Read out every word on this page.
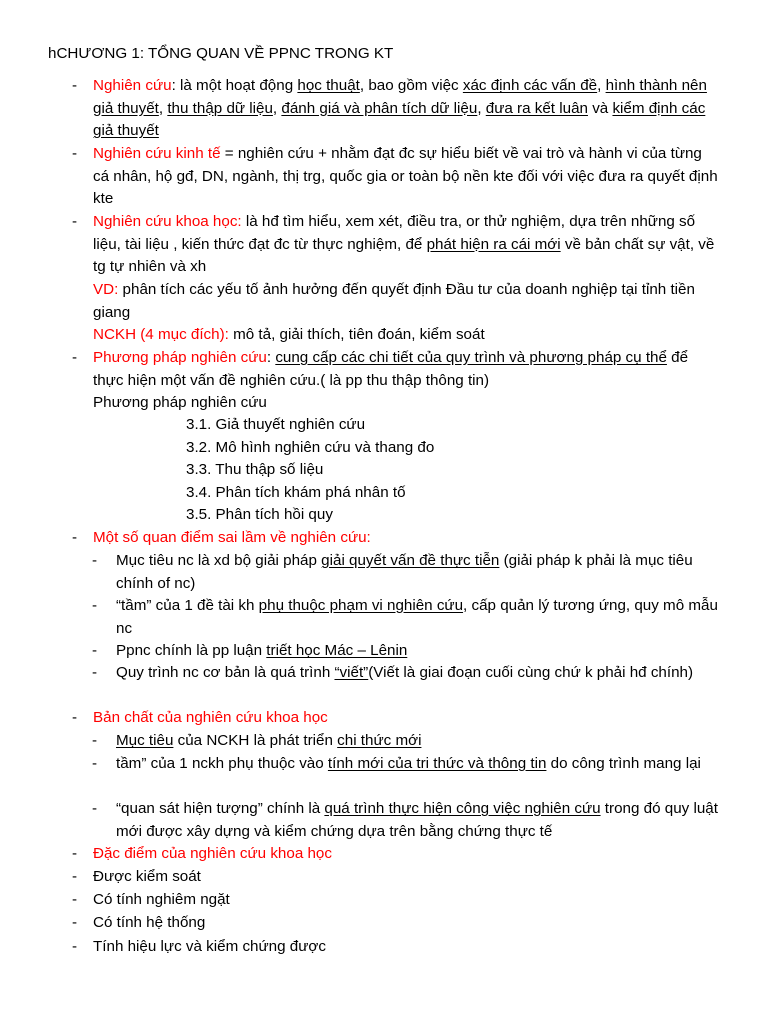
hCHƯƠNG 1: TỔNG QUAN VỀ PPNC TRONG KT
- Nghiên cứu: là một hoạt động học thuật, bao gồm việc xác định các vấn đề, hình thành nên giả thuyết, thu thập dữ liệu, đánh giá và phân tích dữ liệu, đưa ra kết luân và kiểm định các giả thuyết
- Nghiên cứu kinh tế = nghiên cứu + nhằm đạt đc sự hiểu biết về vai trò và hành vi của từng cá nhân, hộ gđ, DN, ngành, thị trg, quốc gia or toàn bộ nền kte đối với việc đưa ra quyết định kte
- Nghiên cứu khoa học: là hđ tìm hiểu, xem xét, điều tra, or thử nghiệm, dựa trên những số liệu, tài liệu , kiến thức đạt đc từ thực nghiệm, để phát hiện ra cái mới về bản chất sự vật, về tg tự nhiên và xh
VD: phân tích các yếu tố ảnh hưởng đến quyết định Đầu tư của doanh nghiệp tại tỉnh tiền giang
NCKH (4 mục đích): mô tả, giải thích, tiên đoán, kiểm soát
- Phương pháp nghiên cứu: cung cấp các chi tiết của quy trình và phương pháp cụ thể để thực hiện một vấn đề nghiên cứu.( là pp thu thập thông tin)
Phương pháp nghiên cứu
3.1. Giả thuyết nghiên cứu
3.2. Mô hình nghiên cứu và thang đo
3.3. Thu thập số liệu
3.4. Phân tích khám phá nhân tố
3.5. Phân tích hồi quy
- Một số quan điểm sai lầm về nghiên cứu:
- Mục tiêu nc là xd bộ giải pháp giải quyết vấn đề thực tiễn (giải pháp k phải là mục tiêu chính of nc)
- “tầm” của 1 đề tài kh phụ thuộc phạm vi nghiên cứu, cấp quản lý tương ứng, quy mô mẫu nc
- Ppnc chính là pp luận triết học Mác – Lênin
- Quy trình nc cơ bản là quá trình “viết”(Viết là giai đoạn cuối cùng chứ k phải hđ chính)
- Bản chất của nghiên cứu khoa học
- Mục tiêu của NCKH là phát triển chi thức mới
- tầm” của 1 nckh phụ thuộc vào tính mới của tri thức và thông tin do công trình mang lại
- “quan sát hiện tượng” chính là quá trình thực hiện công việc nghiên cứu trong đó quy luật mới được xây dựng và kiểm chứng dựa trên bằng chứng thực tế
- Đặc điểm của nghiên cứu khoa học
- Được kiểm soát
- Có tính nghiêm ngặt
- Có tính hệ thống
- Tính hiệu lực và kiểm chứng được
